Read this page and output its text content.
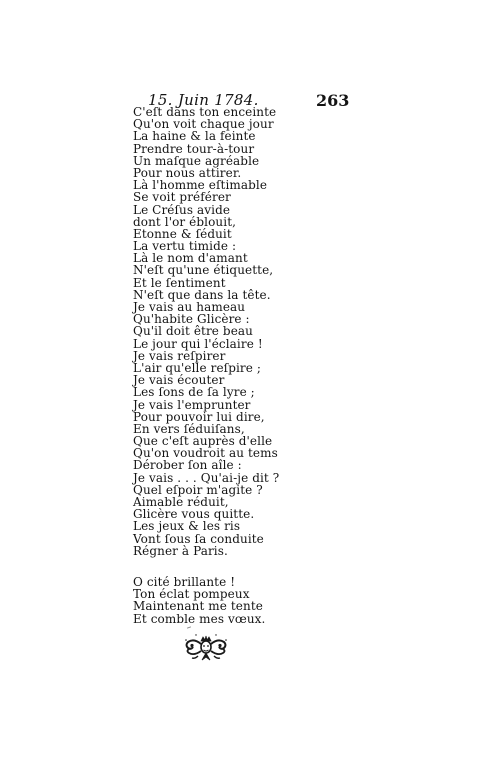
15. Juin 1784.	263
C'eſt dans ton enceinte
Qu'on voit chaque jour
La haine & la feinte
Prendre tour-à-tour
Un maſque agréable
Pour nous attirer.
Là l'homme eſtimable
Se voit préférer
Le Créſus avide
dont l'or éblouit,
Etonne & ſéduit
La vertu timide :
Là le nom d'amant
N'eſt qu'une étiquette,
Et le ſentiment
N'eſt que dans la tête.
Je vais au hameau
Qu'habite Glicère :
Qu'il doit être beau
Le jour qui l'éclaire !
Je vais reſpirer
L'air qu'elle reſpire ;
Je vais écouter
Les ſons de ſa lyre ;
Je vais l'emprunter
Pour pouvoir lui dire,
En vers ſéduiſans,
Que c'eſt auprès d'elle
Qu'on voudroit au tems
Dérober ſon aîle :
Je vais . . . Qu'ai-je dit ?
Quel eſpoir m'agite ?
Aimable réduit,
Glicère vous quitte.
Les jeux & les ris
Vont ſous ſa conduite
Régner à Paris.
O cité brillante !
Ton éclat pompeux
Maintenant me tente
Et comble mes vœux.
